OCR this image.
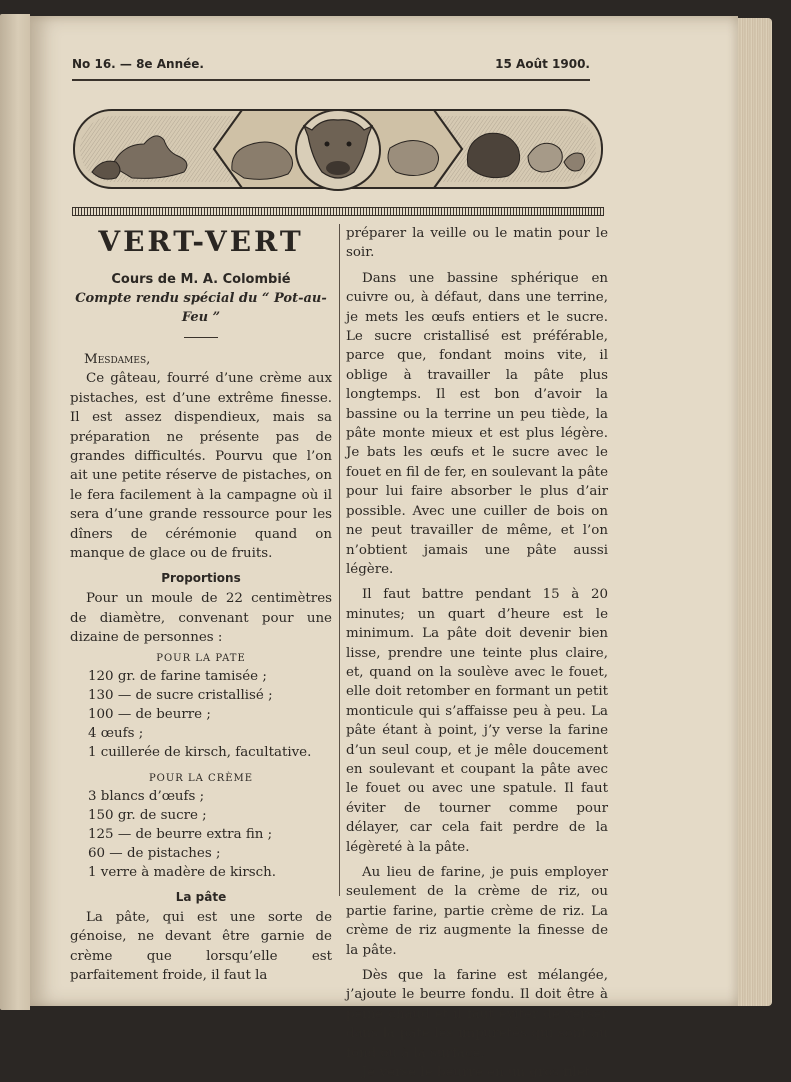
No 16. — 8e Année.	15 Août 1900.
VERT-VERT
Cours de M. A. Colombié
Compte rendu spécial du “ Pot-au-Feu ”
Mesdames,

Ce gâteau, fourré d’une crème aux pistaches, est d’une extrême finesse. Il est assez dispendieux, mais sa préparation ne présente pas de grandes difficultés. Pourvu que l’on ait une petite réserve de pistaches, on le fera facilement à la campagne où il sera d’une grande ressource pour les dîners de cérémonie quand on manque de glace ou de fruits.

Proportions

Pour un moule de 22 centimètres de diamètre, convenant pour une dizaine de personnes :

POUR LA PATE
120 gr. de farine tamisée ;
130 — de sucre cristallisé ;
100 — de beurre ;
4 œufs ;
1 cuillerée de kirsch, facultative.
POUR LA CRÈME
3 blancs d’œufs ;
150 gr. de sucre ;
125 — de beurre extra fin ;
60 — de pistaches ;
1 verre à madère de kirsch.
La pâte

La pâte, qui est une sorte de génoise, ne devant être garnie de crème que lorsqu’elle est parfaitement froide, il faut la

préparer la veille ou le matin pour le soir.

Dans une bassine sphérique en cuivre ou, à défaut, dans une terrine, je mets les œufs entiers et le sucre. Le sucre cristallisé est préférable, parce que, fondant moins vite, il oblige à travailler la pâte plus longtemps. Il est bon d’avoir la bassine ou la terrine un peu tiède, la pâte monte mieux et est plus légère. Je bats les œufs et le sucre avec le fouet en fil de fer, en soulevant la pâte pour lui faire absorber le plus d’air possible. Avec une cuiller de bois on ne peut travailler de même, et l’on n’obtient jamais une pâte aussi légère.

Il faut battre pendant 15 à 20 minutes; un quart d’heure est le minimum. La pâte doit devenir bien lisse, prendre une teinte plus claire, et, quand on la soulève avec le fouet, elle doit retomber en formant un petit monticule qui s’affaisse peu à peu. La pâte étant à point, j’y verse la farine d’un seul coup, et je mêle doucement en soulevant et coupant la pâte avec le fouet ou avec une spatule. Il faut éviter de tourner comme pour délayer, car cela fait perdre de la légèreté à la pâte.

Au lieu de farine, je puis employer seulement de la crème de riz, ou partie farine, partie crème de riz. La crème de riz augmente la finesse de la pâte.

Dès que la farine est mélangée, j’ajoute le beurre fondu. Il doit être à peine chaud et il faut éviter de verser dans la pâte les impuretés qui sont au fond ou à la surface.

Je verse le beurre en un gros filet
